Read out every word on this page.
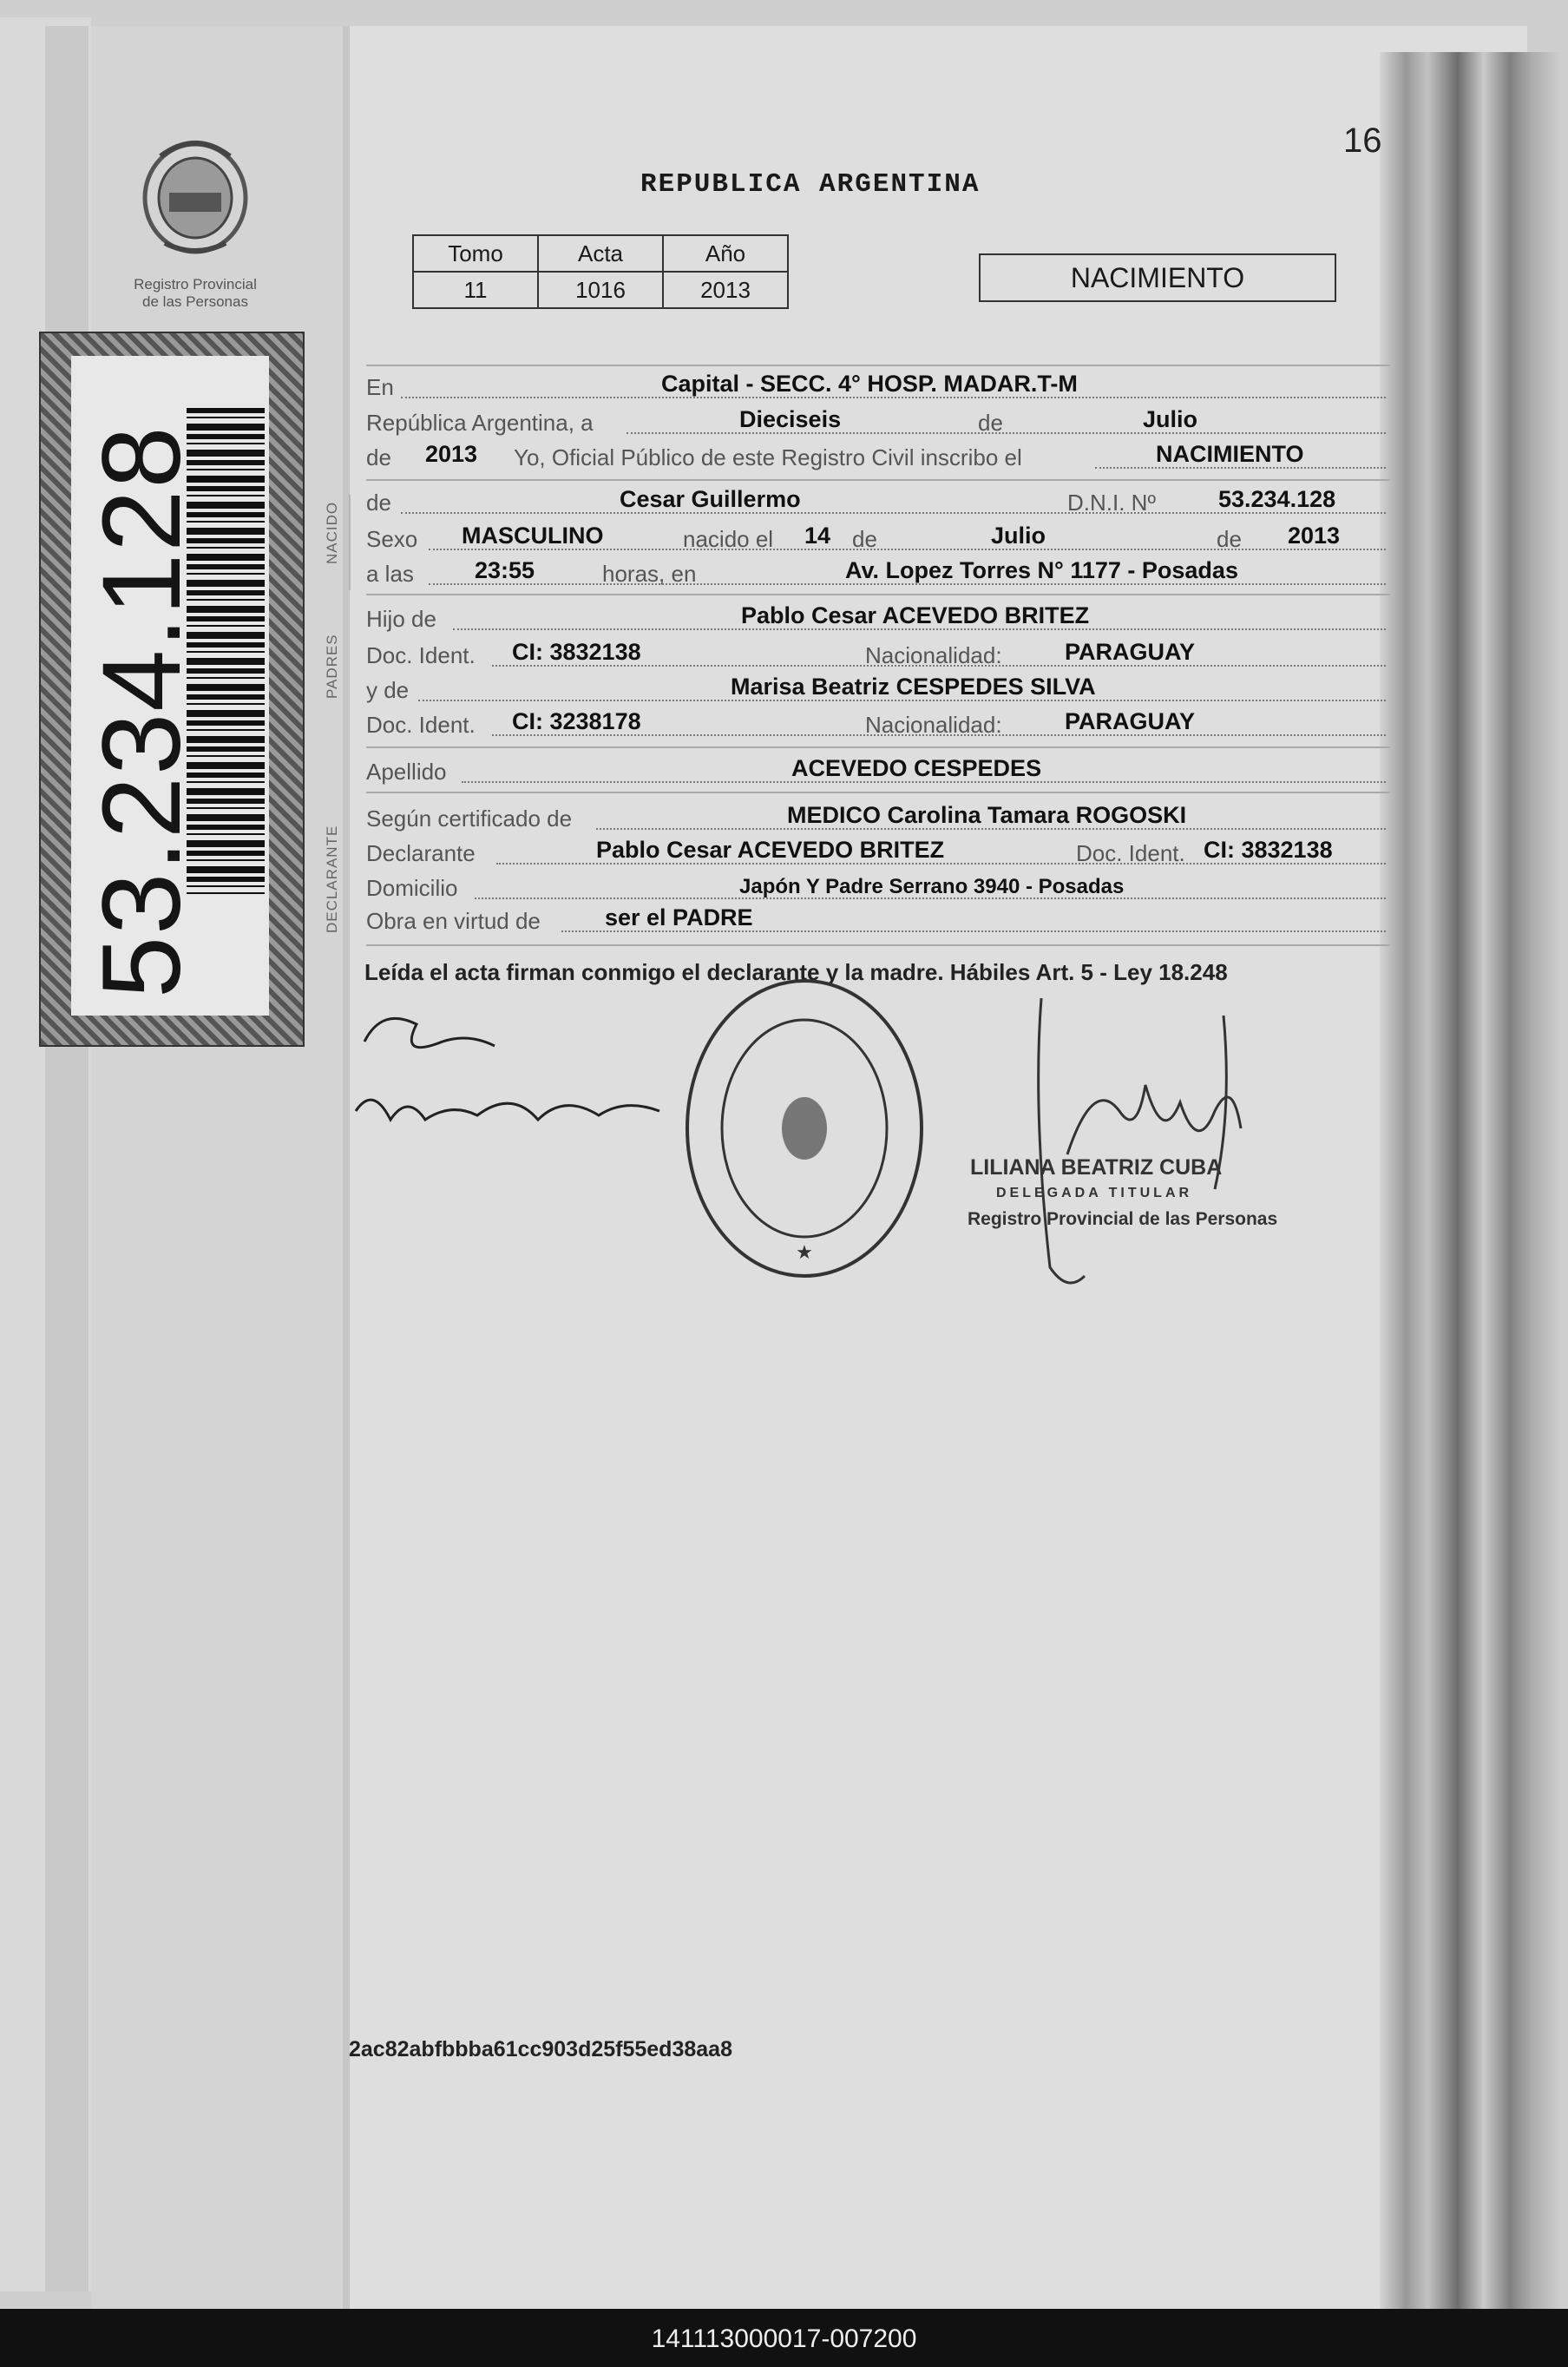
Registro Provincial
de las Personas
53.234.128	NACIDO
PADRES
DECLARANTE
16
REPUBLICA ARGENTINA
Tomo	Acta	Año
11	1016	2013	NACIMIENTO
En	Capital - SECC. 4° HOSP. MADAR.T-M
República Argentina, a	Dieciseis	de	Julio
de 2013 Yo, Oficial Público de este Registro Civil inscribo el	NACIMIENTO
de	Cesar Guillermo	D.N.I. Nº	53.234.128
Sexo MASCULINO	nacido el 14 de	Julio	de 2013
a las	23:55	horas, en	Av. Lopez Torres N° 1177 - Posadas
Hijo de	Pablo Cesar ACEVEDO BRITEZ
Doc. Ident. CI: 3832138	Nacionalidad:	PARAGUAY
y de	Marisa Beatriz CESPEDES SILVA
Doc. Ident. CI: 3238178	Nacionalidad:	PARAGUAY
Apellido	ACEVEDO CESPEDES
Según certificado de	MEDICO Carolina Tamara ROGOSKI
Declarante	Pablo Cesar ACEVEDO BRITEZ	Doc. Ident. CI: 3832138
Domicilio	Japón Y Padre Serrano 3940 - Posadas
Obra en virtud de	ser el PADRE
Leída el acta firman conmigo el declarante y la madre. Hábiles Art. 5 - Ley 18.248
★
LILIANA BEATRIZ CUBA
DELEGADA TITULAR
Registro Provincial de las Personas
2ac82abfbbba61cc903d25f55ed38aa8
141113000017-007200
